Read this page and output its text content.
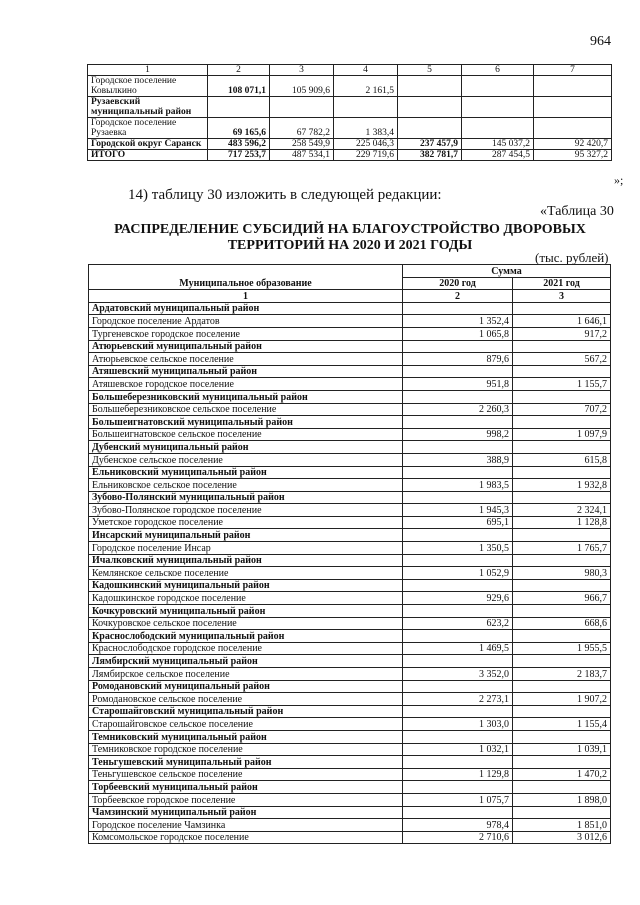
964
1	2	3	4	5	6	7
Городское поселение Ковылкино	108 071,1	105 909,6	2 161,5			
Рузаевский муниципальный район						
Городское поселение Рузаевка	69 165,6	67 782,2	1 383,4			
Городской округ Саранск	483 596,2	258 549,9	225 046,3	237 457,9	145 037,2	92 420,7
ИТОГО	717 253,7	487 534,1	229 719,6	382 781,7	287 454,5	95 327,2
»;
14) таблицу 30 изложить в следующей редакции:
«Таблица 30
РАСПРЕДЕЛЕНИЕ СУБСИДИЙ НА БЛАГОУСТРОЙСТВО ДВОРОВЫХ ТЕРРИТОРИЙ НА 2020 И 2021 ГОДЫ
(тыс. рублей)
Муниципальное образование	Сумма	
	2020 год	2021 год
1	2	3
Ардатовский муниципальный район		
Городское поселение Ардатов	1 352,4	1 646,1
Тургеневское городское поселение	1 065,8	917,2
Атюрьевский муниципальный район		
Атюрьевское сельское поселение	879,6	567,2
Атяшевский муниципальный район		
Атяшевское городское поселение	951,8	1 155,7
Большеберезниковский муниципальный район		
Большеберезниковское сельское поселение	2 260,3	707,2
Большеигнатовский муниципальный район		
Большеигнатовское сельское поселение	998,2	1 097,9
Дубенский муниципальный район		
Дубенское сельское поселение	388,9	615,8
Ельниковский муниципальный район		
Ельниковское сельское поселение	1 983,5	1 932,8
Зубово-Полянский муниципальный район		
Зубово-Полянское городское поселение	1 945,3	2 324,1
Уметское городское поселение	695,1	1 128,8
Инсарский муниципальный район		
Городское поселение Инсар	1 350,5	1 765,7
Ичалковский муниципальный район		
Кемлянское сельское поселение	1 052,9	980,3
Кадошкинский муниципальный район		
Кадошкинское городское поселение	929,6	966,7
Кочкуровский муниципальный район		
Кочкуровское сельское поселение	623,2	668,6
Краснослободский муниципальный район		
Краснослободское городское поселение	1 469,5	1 955,5
Лямбирский муниципальный район		
Лямбирское сельское поселение	3 352,0	2 183,7
Ромодановский муниципальный район		
Ромодановское сельское поселение	2 273,1	1 907,2
Старошайговский муниципальный район		
Старошайговское сельское поселение	1 303,0	1 155,4
Темниковский муниципальный район		
Темниковское городское поселение	1 032,1	1 039,1
Теньгушевский муниципальный район		
Теньгушевское сельское поселение	1 129,8	1 470,2
Торбеевский муниципальный район		
Торбеевское городское поселение	1 075,7	1 898,0
Чамзинский муниципальный район		
Городское поселение Чамзинка	978,4	1 851,0
Комсомольское городское поселение	2 710,6	3 012,6
